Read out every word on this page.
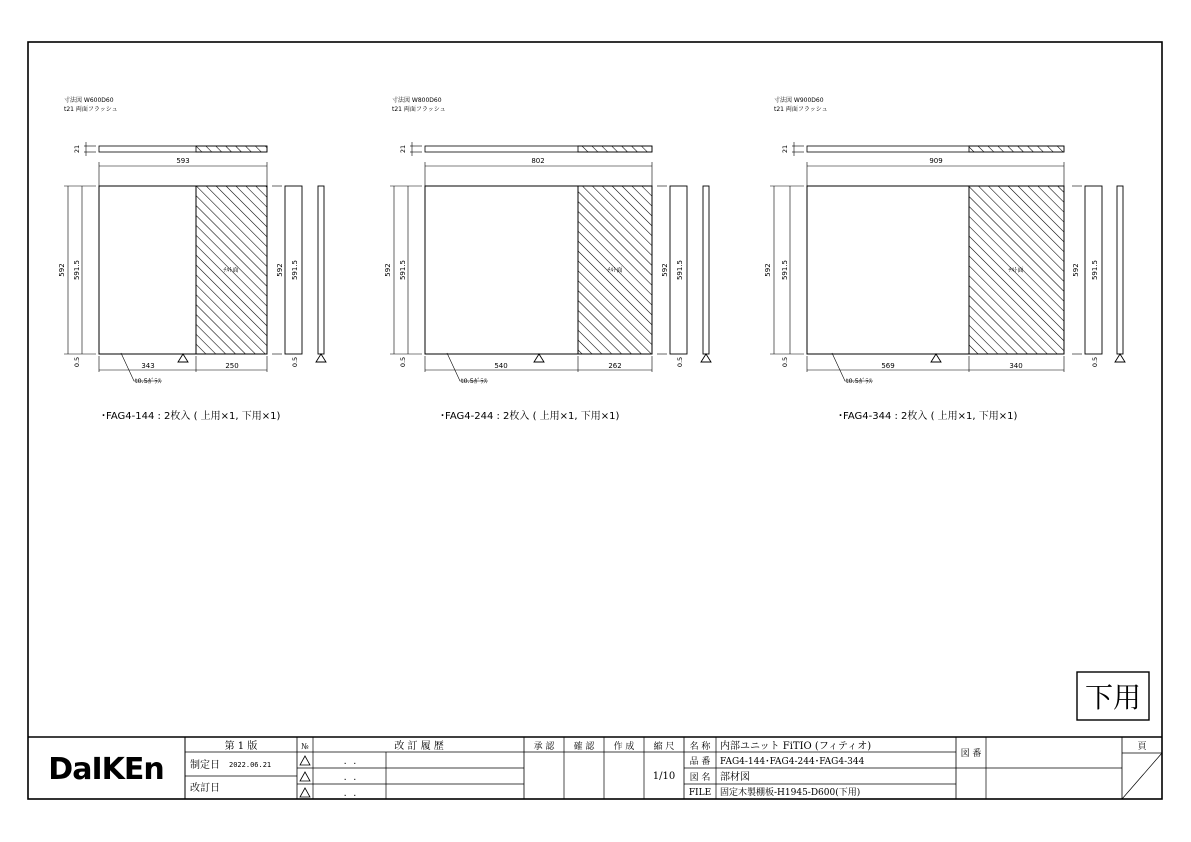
寸法図 W600D60
t21 両面フラッシュ
21
593
ﾁﾙﾄ面
592 591.5
0.5	343	250
t0.5ｶﾞﾗｽ
592 591.5
0.5
･FAG4-144 : 2枚入 ( 上用×1, 下用×1)
寸法図 W800D60
t21 両面フラッシュ
21
802
ﾁﾙﾄ面
592 591.5
0.5	540	262
t0.5ｶﾞﾗｽ
592 591.5
0.5
･FAG4-244 : 2枚入 ( 上用×1, 下用×1)
寸法図 W900D60
t21 両面フラッシュ
21
909
ﾁﾙﾄ面
592 591.5
0.5	569	340
t0.5ｶﾞﾗｽ
592 591.5
0.5
･FAG4-344 : 2枚入 ( 上用×1, 下用×1)
下用
DaIKEn
第 1 版
制定日 2022.06.21
改訂日
№	改 訂 履 歴
. .
. .
. .
承 認 確 認 作 成 縮 尺
1/10
名 称 内部ユニット FiTIO (フィティオ)
品 番 FAG4-144･FAG4-244･FAG4-344
図 名 部材図
FILE 固定木製棚板-H1945-D600(下用)
図 番
頁
